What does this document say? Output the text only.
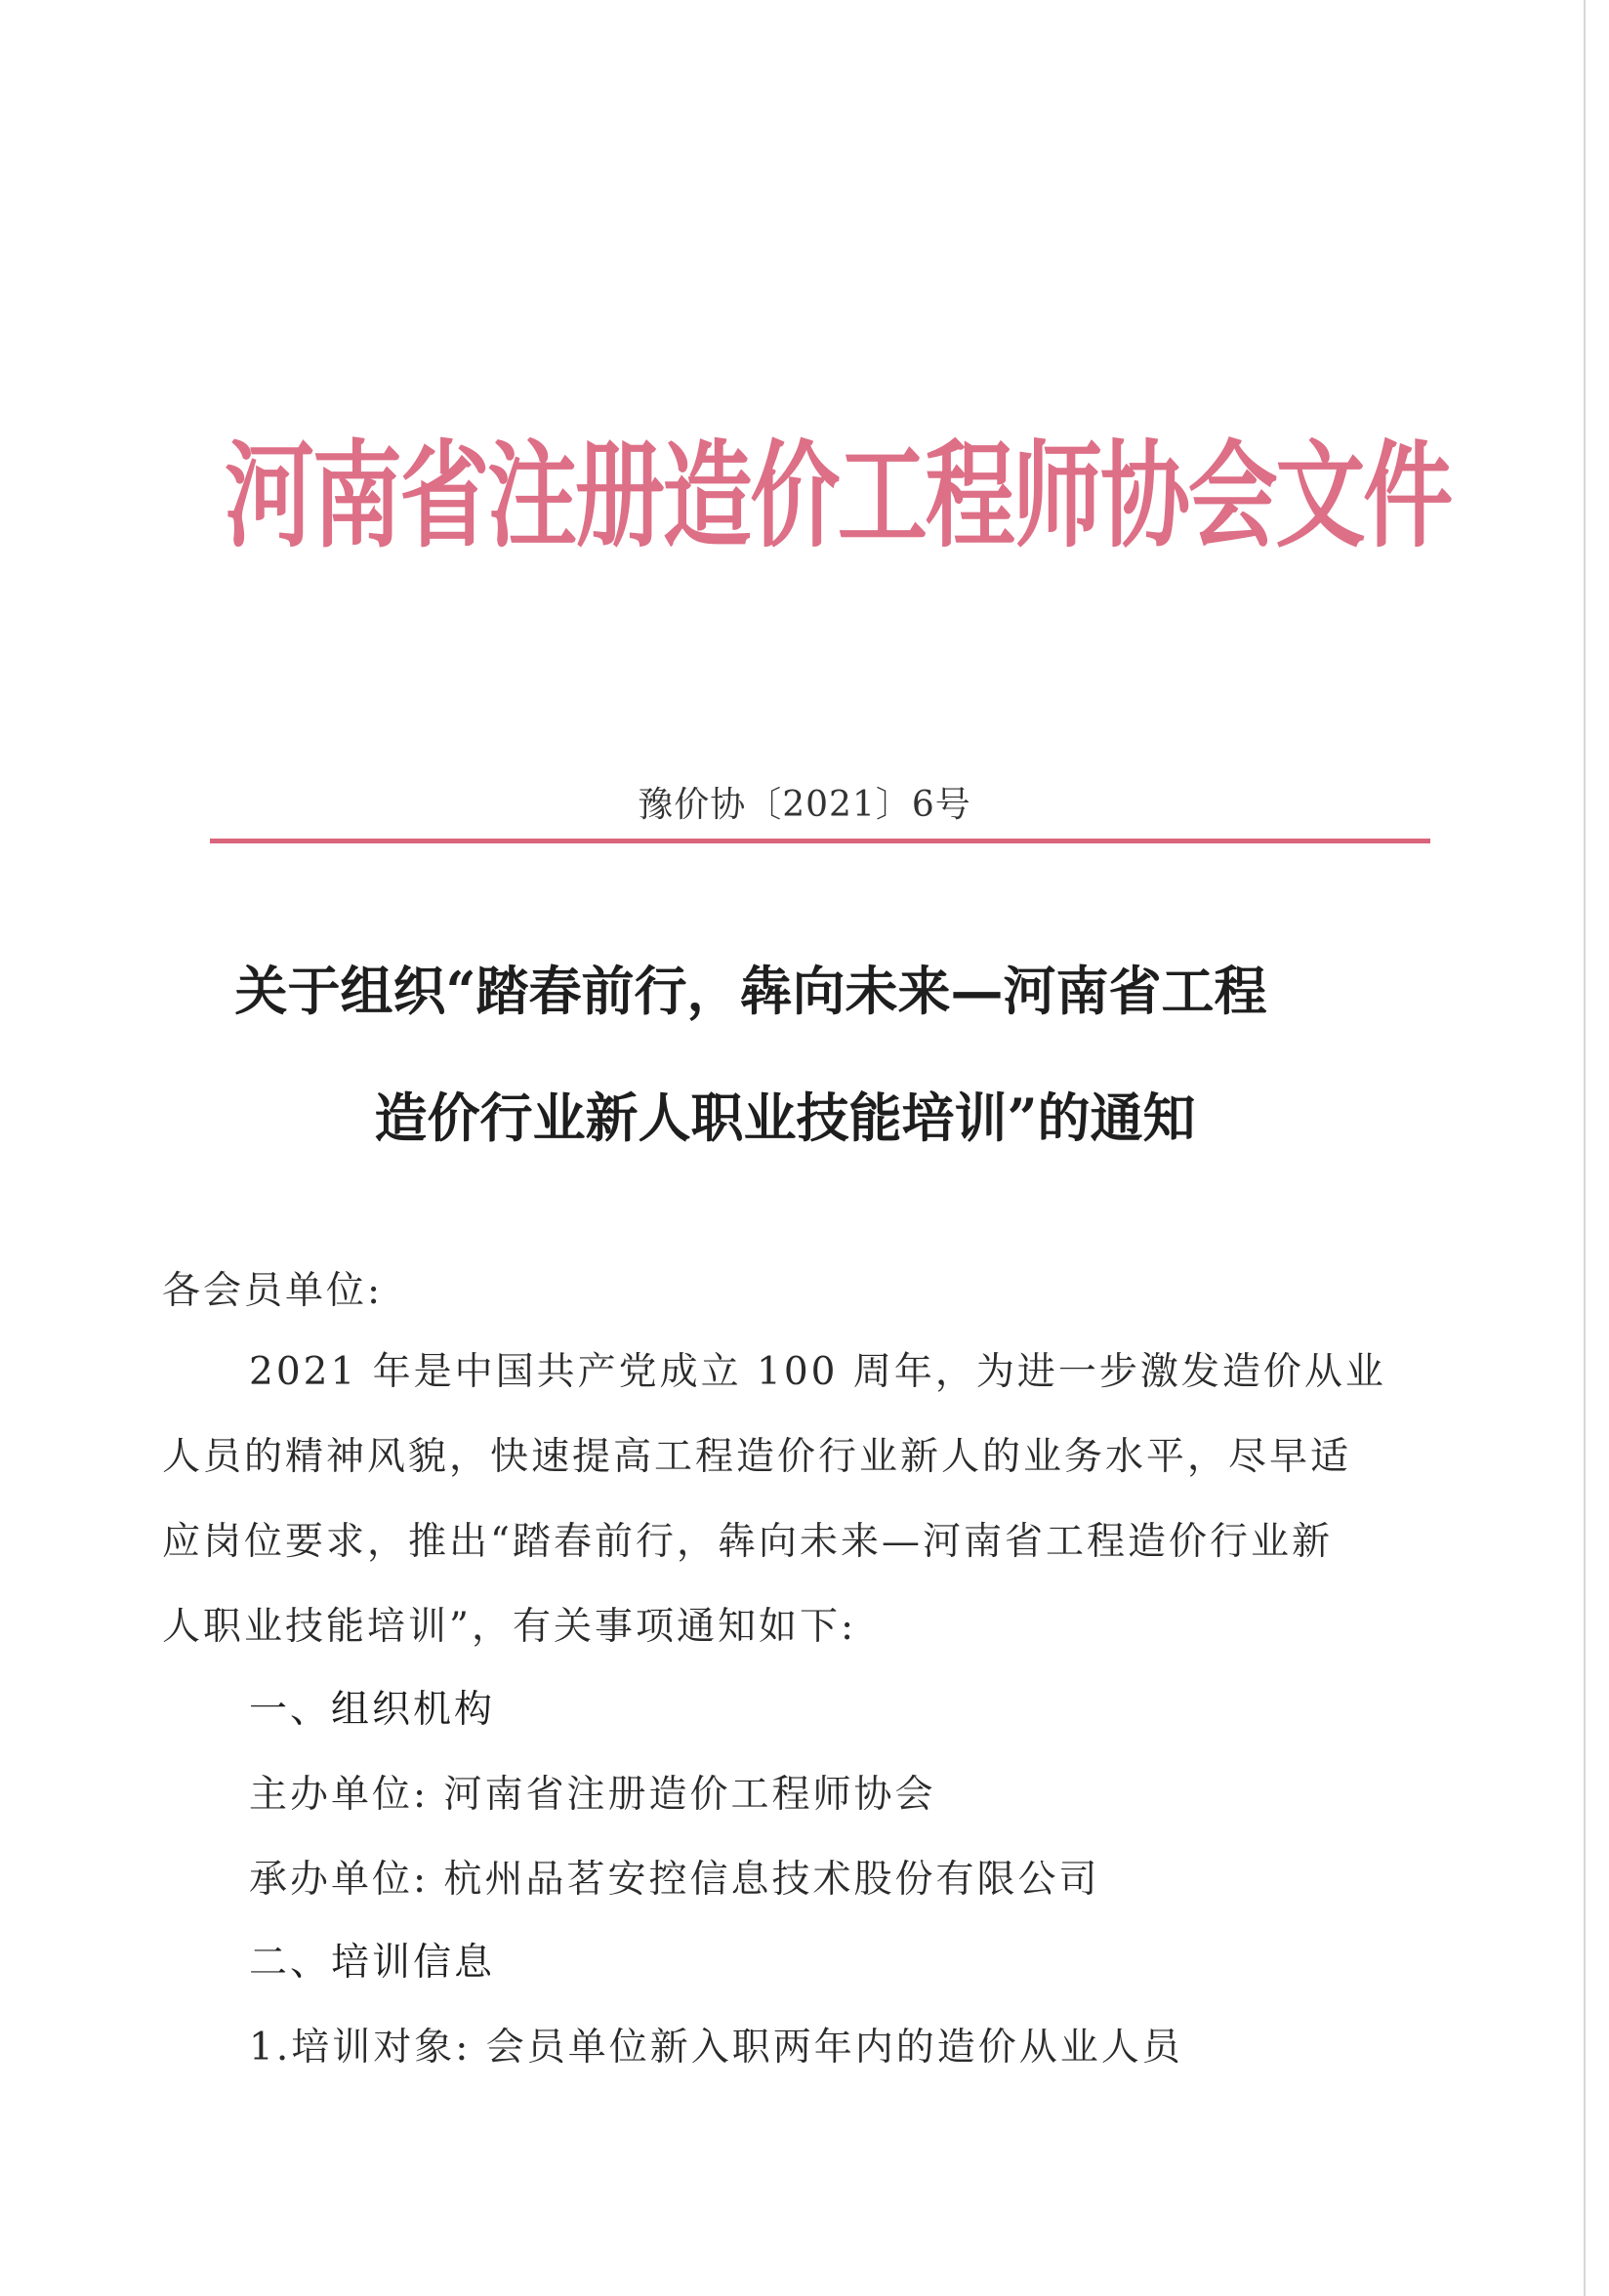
河南省注册造价工程师协会文件
豫价协〔2021〕6号
关于组织“踏春前行，犇向未来—河南省工程
造价行业新人职业技能培训”的通知
各会员单位:
2021 年是中国共产党成立 100 周年，为进一步激发造价从业
人员的精神风貌，快速提高工程造价行业新人的业务水平，尽早适
应岗位要求，推出“踏春前行，犇向未来—河南省工程造价行业新
人职业技能培训”，有关事项通知如下:
一、组织机构
主办单位: 河南省注册造价工程师协会
承办单位: 杭州品茗安控信息技术股份有限公司
二、培训信息
1.培训对象: 会员单位新入职两年内的造价从业人员
